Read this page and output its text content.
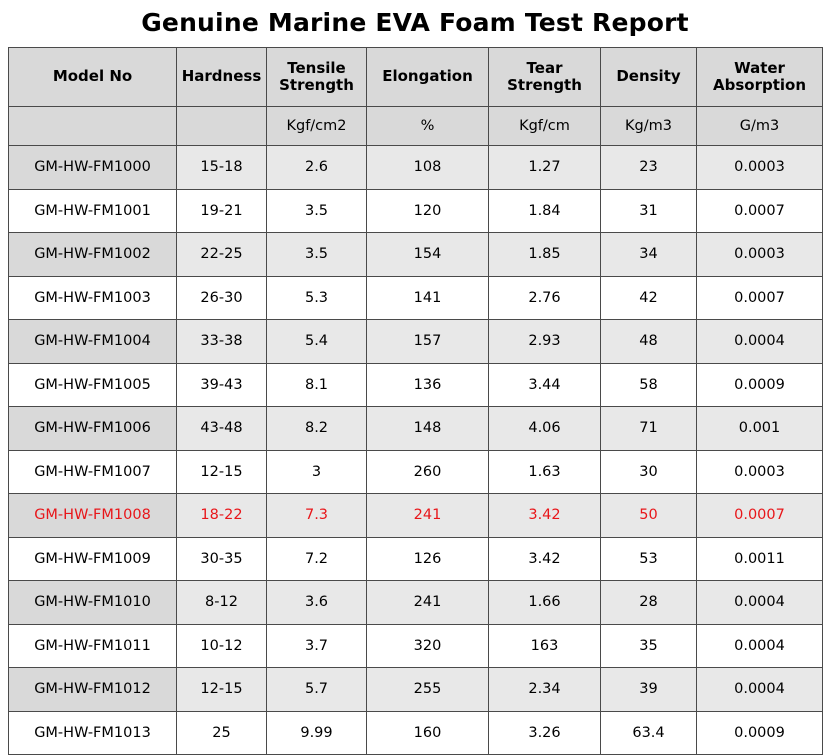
Genuine Marine EVA Foam Test Report
Model No	Hardness	Tensile Strength	Elongation	Tear Strength	Density	Water Absorption
		Kgf/cm2	%	Kgf/cm	Kg/m3	G/m3
GM-HW-FM1000	15-18	2.6	108	1.27	23	0.0003
GM-HW-FM1001	19-21	3.5	120	1.84	31	0.0007
GM-HW-FM1002	22-25	3.5	154	1.85	34	0.0003
GM-HW-FM1003	26-30	5.3	141	2.76	42	0.0007
GM-HW-FM1004	33-38	5.4	157	2.93	48	0.0004
GM-HW-FM1005	39-43	8.1	136	3.44	58	0.0009
GM-HW-FM1006	43-48	8.2	148	4.06	71	0.001
GM-HW-FM1007	12-15	3	260	1.63	30	0.0003
GM-HW-FM1008	18-22	7.3	241	3.42	50	0.0007
GM-HW-FM1009	30-35	7.2	126	3.42	53	0.0011
GM-HW-FM1010	8-12	3.6	241	1.66	28	0.0004
GM-HW-FM1011	10-12	3.7	320	163	35	0.0004
GM-HW-FM1012	12-15	5.7	255	2.34	39	0.0004
GM-HW-FM1013	25	9.99	160	3.26	63.4	0.0009
